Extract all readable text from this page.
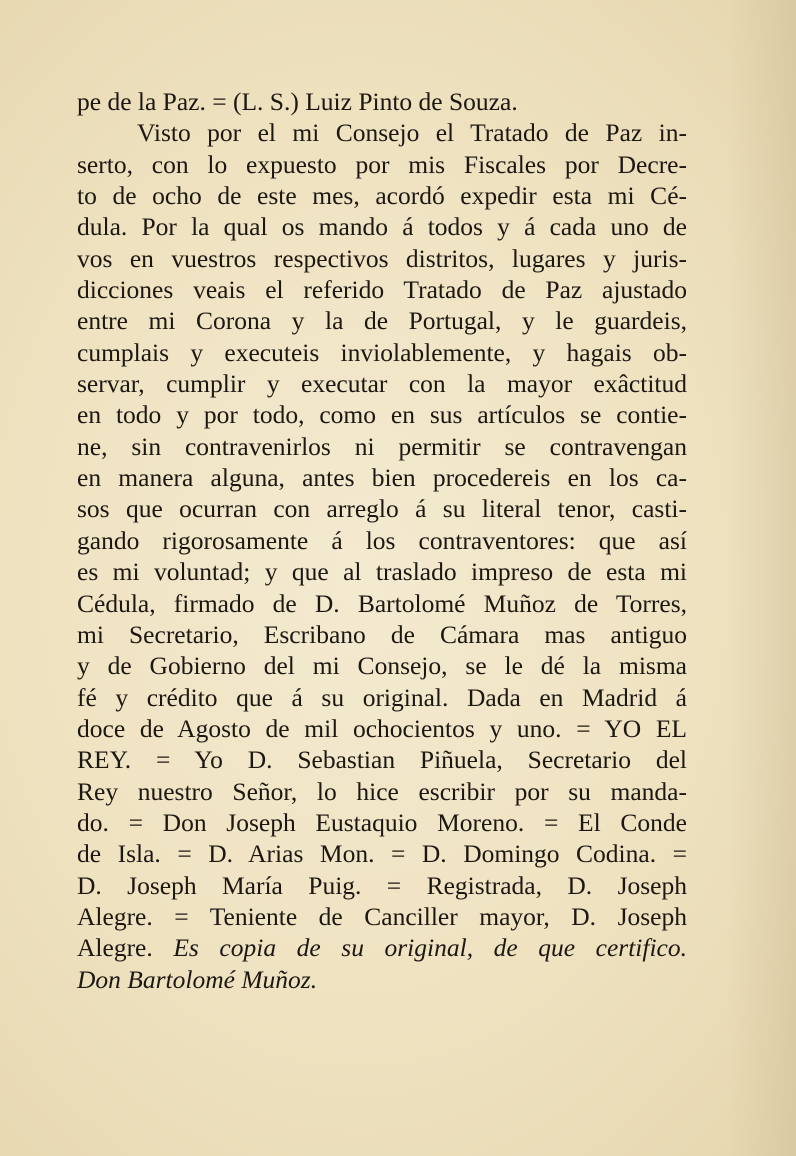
pe de la Paz. = (L. S.) Luiz Pinto de Souza.
Visto por el mi Consejo el Tratado de Paz in-
serto, con lo expuesto por mis Fiscales por Decre-
to de ocho de este mes, acordó expedir esta mi Cé-
dula. Por la qual os mando á todos y á cada uno de
vos en vuestros respectivos distritos, lugares y juris-
dicciones veais el referido Tratado de Paz ajustado
entre mi Corona y la de Portugal, y le guardeis,
cumplais y executeis inviolablemente, y hagais ob-
servar, cumplir y executar con la mayor exâctitud
en todo y por todo, como en sus artículos se contie-
ne, sin contravenirlos ni permitir se contravengan
en manera alguna, antes bien procedereis en los ca-
sos que ocurran con arreglo á su literal tenor, casti-
gando rigorosamente á los contraventores: que así
es mi voluntad; y que al traslado impreso de esta mi
Cédula, firmado de D. Bartolomé Muñoz de Torres,
mi Secretario, Escribano de Cámara mas antiguo
y de Gobierno del mi Consejo, se le dé la misma
fé y crédito que á su original. Dada en Madrid á
doce de Agosto de mil ochocientos y uno. = YO EL
REY. = Yo D. Sebastian Piñuela, Secretario del
Rey nuestro Señor, lo hice escribir por su manda-
do. = Don Joseph Eustaquio Moreno. = El Conde
de Isla. = D. Arias Mon. = D. Domingo Codina. =
D. Joseph María Puig. = Registrada, D. Joseph
Alegre. = Teniente de Canciller mayor, D. Joseph
Alegre. Es copia de su original, de que certifico.
Don Bartolomé Muñoz.
